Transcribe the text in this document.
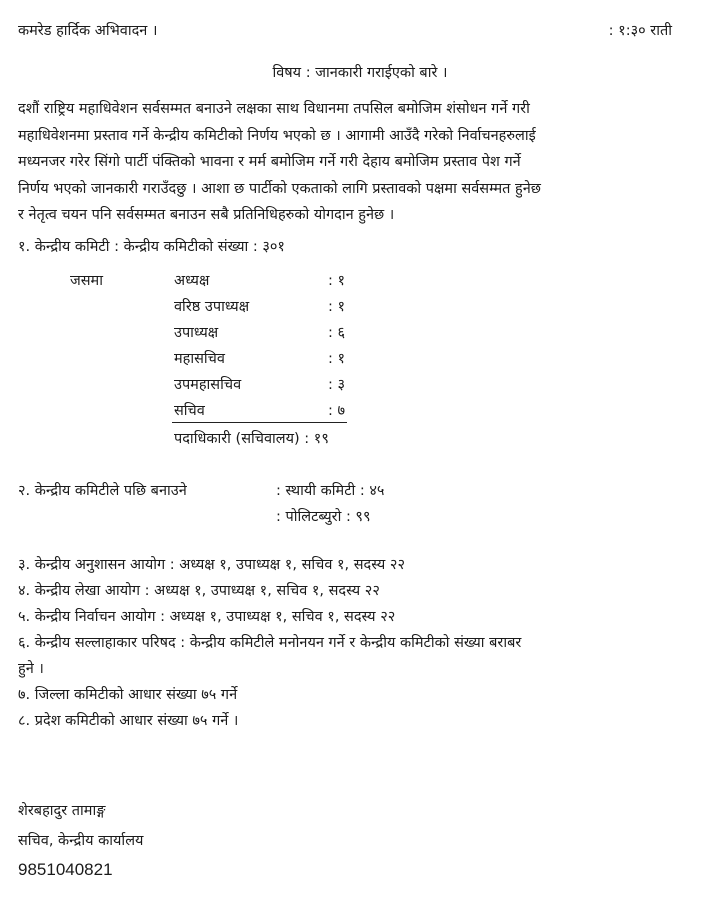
कमरेड हार्दिक अभिवादन ।	: १:३० राती
विषय : जानकारी गराईएको बारे ।
दशौं राष्ट्रिय महाधिवेशन सर्वसम्मत बनाउने लक्षका साथ विधानमा तपसिल बमोजिम शंसोधन गर्ने गरी
महाधिवेशनमा प्रस्ताव गर्ने केन्द्रीय कमिटीको निर्णय भएको छ । आगामी आउँदै गरेको निर्वाचनहरुलाई
मध्यनजर गरेर सिंगो पार्टी पंक्तिको भावना र मर्म बमोजिम गर्ने गरी देहाय बमोजिम प्रस्ताव पेश गर्ने
निर्णय भएको जानकारी गराउँदछु । आशा छ पार्टीको एकताको लागि प्रस्तावको पक्षमा सर्वसम्मत हुनेछ
र नेतृत्व चयन पनि सर्वसम्मत बनाउन सबै प्रतिनिधिहरुको योगदान हुनेछ ।
१. केन्द्रीय कमिटी : केन्द्रीय कमिटीको संख्या : ३०१
जसमा	अध्यक्ष	: १
वरिष्ठ उपाध्यक्ष	: १
उपाध्यक्ष	: ६
महासचिव	: १
उपमहासचिव	: ३
सचिव	: ७
पदाधिकारी (सचिवालय) : १९
२. केन्द्रीय कमिटीले पछि बनाउने	: स्थायी कमिटी : ४५
: पोलिटब्युरो : ९९
३. केन्द्रीय अनुशासन आयोग : अध्यक्ष १, उपाध्यक्ष १, सचिव १, सदस्य २२
४. केन्द्रीय लेखा आयोग : अध्यक्ष १, उपाध्यक्ष १, सचिव १, सदस्य २२
५. केन्द्रीय निर्वाचन आयोग : अध्यक्ष १, उपाध्यक्ष १, सचिव १, सदस्य २२
६. केन्द्रीय सल्लाहाकार परिषद : केन्द्रीय कमिटीले मनोनयन गर्ने र केन्द्रीय कमिटीको संख्या बराबर
हुने ।
७. जिल्ला कमिटीको आधार संख्या ७५ गर्ने
८. प्रदेश कमिटीको आधार संख्या ७५ गर्ने ।
शेरबहादुर तामाङ्ग
सचिव, केन्द्रीय कार्यालय
9851040821
